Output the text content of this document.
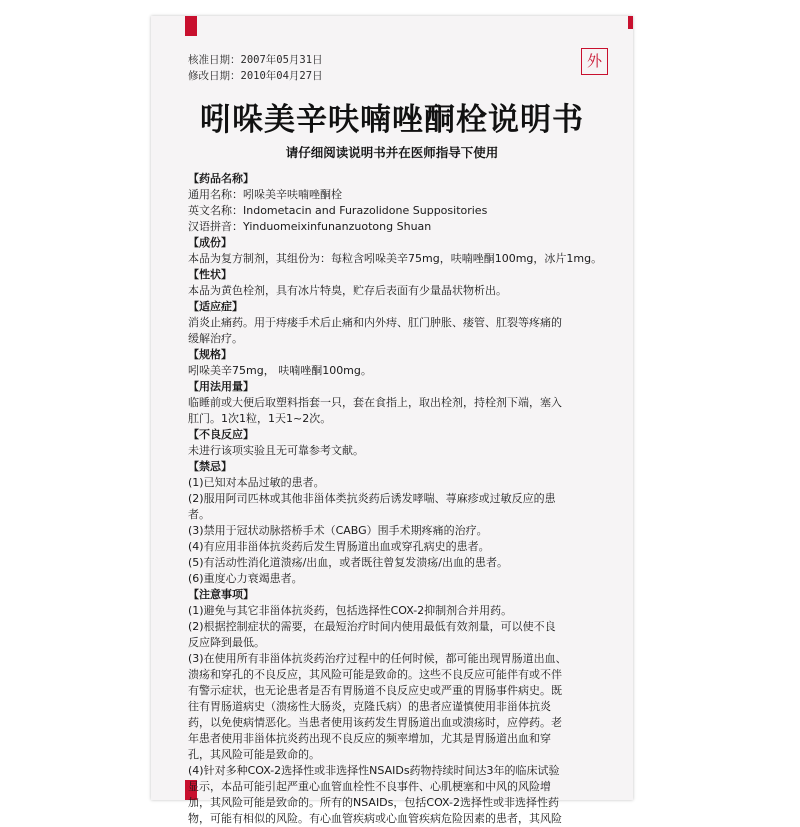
核准日期：2007年05月31日
修改日期：2010年04月27日
外
吲哚美辛呋喃唑酮栓说明书
请仔细阅读说明书并在医师指导下使用
【药品名称】
通用名称：吲哚美辛呋喃唑酮栓
英文名称：Indometacin and Furazolidone Suppositories
汉语拼音：Yinduomeixinfunanzuotong Shuan
【成份】
本品为复方制剂，其组份为：每粒含吲哚美辛75mg，呋喃唑酮100mg，冰片1mg。
【性状】
本品为黄色栓剂，具有冰片特臭，贮存后表面有少量晶状物析出。
【适应症】
消炎止痛药。用于痔瘘手术后止痛和内外痔、肛门肿胀、瘘管、肛裂等疼痛的
缓解治疗。
【规格】
吲哚美辛75mg， 呋喃唑酮100mg。
【用法用量】
临睡前或大便后取塑料指套一只，套在食指上，取出栓剂，持栓剂下端，塞入
肛门。1次1粒，1天1~2次。
【不良反应】
未进行该项实验且无可靠参考文献。
【禁忌】
(1)已知对本品过敏的患者。
(2)服用阿司匹林或其他非甾体类抗炎药后诱发哮喘、荨麻疹或过敏反应的患
者。
(3)禁用于冠状动脉搭桥手术（CABG）围手术期疼痛的治疗。
(4)有应用非甾体抗炎药后发生胃肠道出血或穿孔病史的患者。
(5)有活动性消化道溃疡/出血，或者既往曾复发溃疡/出血的患者。
(6)重度心力衰竭患者。
【注意事项】
(1)避免与其它非甾体抗炎药，包括选择性COX-2抑制剂合并用药。
(2)根据控制症状的需要，在最短治疗时间内使用最低有效剂量，可以使不良
反应降到最低。
(3)在使用所有非甾体抗炎药治疗过程中的任何时候，都可能出现胃肠道出血、
溃疡和穿孔的不良反应，其风险可能是致命的。这些不良反应可能伴有或不伴
有警示症状，也无论患者是否有胃肠道不良反应史或严重的胃肠事件病史。既
往有胃肠道病史（溃疡性大肠炎，克隆氏病）的患者应谨慎使用非甾体抗炎
药，以免使病情恶化。当患者使用该药发生胃肠道出血或溃疡时，应停药。老
年患者使用非甾体抗炎药出现不良反应的频率增加，尤其是胃肠道出血和穿
孔，其风险可能是致命的。
(4)针对多种COX-2选择性或非选择性NSAIDs药物持续时间达3年的临床试验
显示，本品可能引起严重心血管血栓性不良事件、心肌梗塞和中风的风险增
加，其风险可能是致命的。所有的NSAIDs，包括COX-2选择性或非选择性药
物，可能有相似的风险。有心血管疾病或心血管疾病危险因素的患者，其风险
